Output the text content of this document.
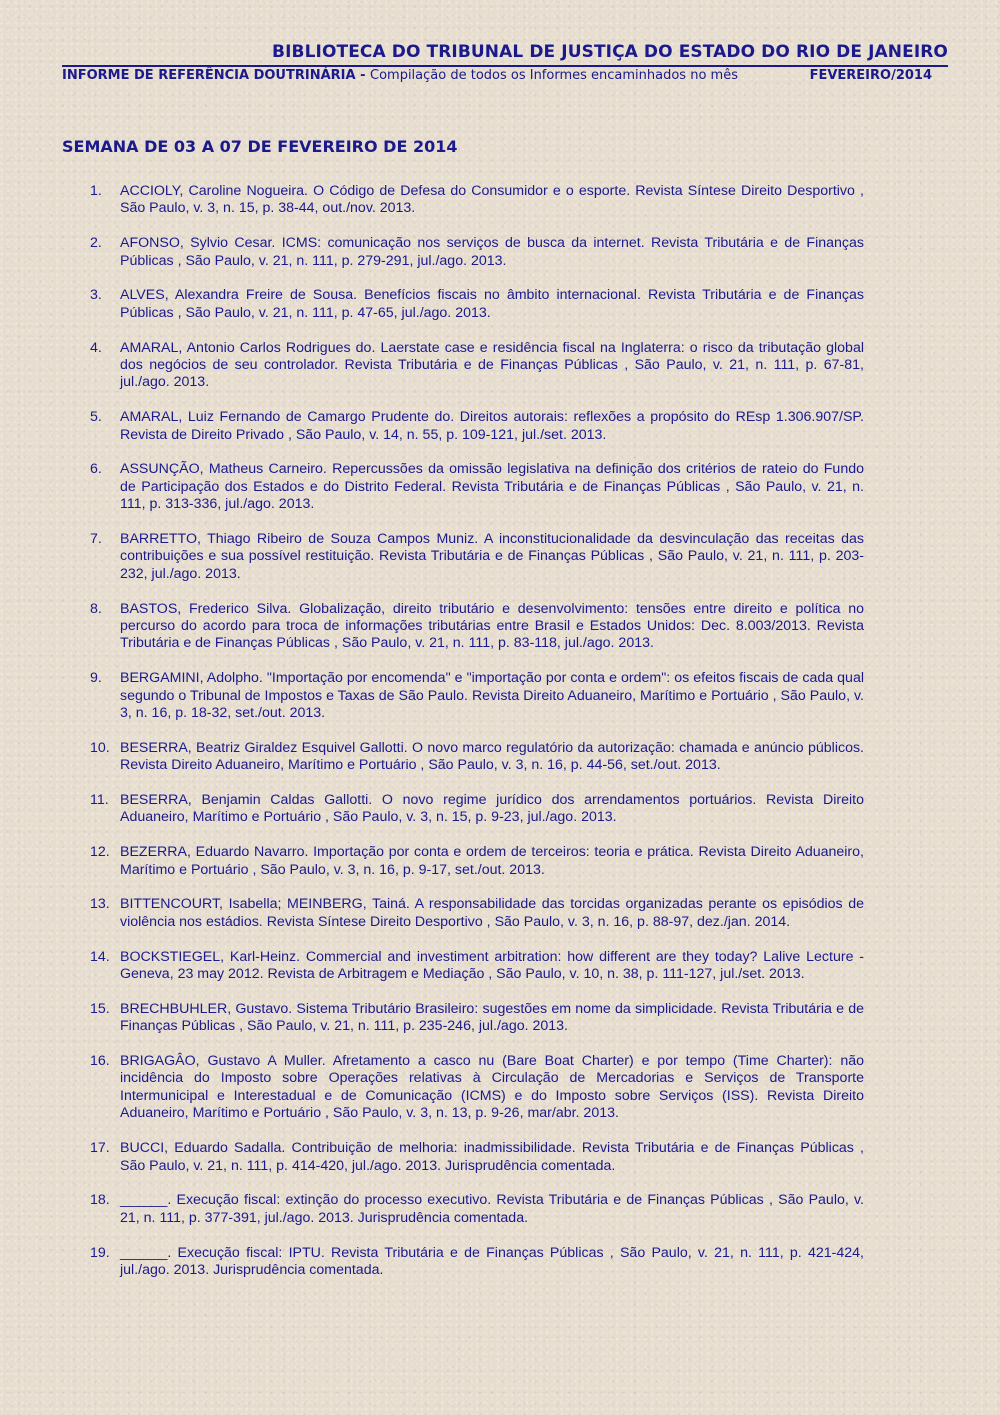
BIBLIOTECA DO TRIBUNAL DE JUSTIÇA DO ESTADO DO RIO DE JANEIRO
INFORME DE REFERÊNCIA DOUTRINÁRIA - Compilação de todos os Informes encaminhados no mês	FEVEREIRO/2014
SEMANA DE 03 A 07 DE FEVEREIRO DE 2014
1. ACCIOLY, Caroline Nogueira. O Código de Defesa do Consumidor e o esporte. Revista Síntese Direito Desportivo , São Paulo, v. 3, n. 15, p. 38-44, out./nov. 2013.
2. AFONSO, Sylvio Cesar. ICMS: comunicação nos serviços de busca da internet. Revista Tributária e de Finanças Públicas , São Paulo, v. 21, n. 111, p. 279-291, jul./ago. 2013.
3. ALVES, Alexandra Freire de Sousa. Benefícios fiscais no âmbito internacional. Revista Tributária e de Finanças Públicas , São Paulo, v. 21, n. 111, p. 47-65, jul./ago. 2013.
4. AMARAL, Antonio Carlos Rodrigues do. Laerstate case e residência fiscal na Inglaterra: o risco da tributação global dos negócios de seu controlador. Revista Tributária e de Finanças Públicas , São Paulo, v. 21, n. 111, p. 67-81, jul./ago. 2013.
5. AMARAL, Luiz Fernando de Camargo Prudente do. Direitos autorais: reflexões a propósito do REsp 1.306.907/SP. Revista de Direito Privado , São Paulo, v. 14, n. 55, p. 109-121, jul./set. 2013.
6. ASSUNÇÃO, Matheus Carneiro. Repercussões da omissão legislativa na definição dos critérios de rateio do Fundo de Participação dos Estados e do Distrito Federal. Revista Tributária e de Finanças Públicas , São Paulo, v. 21, n. 111, p. 313-336, jul./ago. 2013.
7. BARRETTO, Thiago Ribeiro de Souza Campos Muniz. A inconstitucionalidade da desvinculação das receitas das contribuições e sua possível restituição. Revista Tributária e de Finanças Públicas , São Paulo, v. 21, n. 111, p. 203-232, jul./ago. 2013.
8. BASTOS, Frederico Silva. Globalização, direito tributário e desenvolvimento: tensões entre direito e política no percurso do acordo para troca de informações tributárias entre Brasil e Estados Unidos: Dec. 8.003/2013. Revista Tributária e de Finanças Públicas , São Paulo, v. 21, n. 111, p. 83-118, jul./ago. 2013.
9. BERGAMINI, Adolpho. "Importação por encomenda" e "importação por conta e ordem": os efeitos fiscais de cada qual segundo o Tribunal de Impostos e Taxas de São Paulo. Revista Direito Aduaneiro, Marítimo e Portuário , São Paulo, v. 3, n. 16, p. 18-32, set./out. 2013.
10. BESERRA, Beatriz Giraldez Esquivel Gallotti. O novo marco regulatório da autorização: chamada e anúncio públicos. Revista Direito Aduaneiro, Marítimo e Portuário , São Paulo, v. 3, n. 16, p. 44-56, set./out. 2013.
11. BESERRA, Benjamin Caldas Gallotti. O novo regime jurídico dos arrendamentos portuários. Revista Direito Aduaneiro, Marítimo e Portuário , São Paulo, v. 3, n. 15, p. 9-23, jul./ago. 2013.
12. BEZERRA, Eduardo Navarro. Importação por conta e ordem de terceiros: teoria e prática. Revista Direito Aduaneiro, Marítimo e Portuário , São Paulo, v. 3, n. 16, p. 9-17, set./out. 2013.
13. BITTENCOURT, Isabella; MEINBERG, Tainá. A responsabilidade das torcidas organizadas perante os episódios de violência nos estádios. Revista Síntese Direito Desportivo , São Paulo, v. 3, n. 16, p. 88-97, dez./jan. 2014.
14. BOCKSTIEGEL, Karl-Heinz. Commercial and investiment arbitration: how different are they today? Lalive Lecture - Geneva, 23 may 2012. Revista de Arbitragem e Mediação , São Paulo, v. 10, n. 38, p. 111-127, jul./set. 2013.
15. BRECHBUHLER, Gustavo. Sistema Tributário Brasileiro: sugestões em nome da simplicidade. Revista Tributária e de Finanças Públicas , São Paulo, v. 21, n. 111, p. 235-246, jul./ago. 2013.
16. BRIGAGÂO, Gustavo A Muller. Afretamento a casco nu (Bare Boat Charter) e por tempo (Time Charter): não incidência do Imposto sobre Operações relativas à Circulação de Mercadorias e Serviços de Transporte Intermunicipal e Interestadual e de Comunicação (ICMS) e do Imposto sobre Serviços (ISS). Revista Direito Aduaneiro, Marítimo e Portuário , São Paulo, v. 3, n. 13, p. 9-26, mar/abr. 2013.
17. BUCCI, Eduardo Sadalla. Contribuição de melhoria: inadmissibilidade. Revista Tributária e de Finanças Públicas , São Paulo, v. 21, n. 111, p. 414-420, jul./ago. 2013. Jurisprudência comentada.
18. ______. Execução fiscal: extinção do processo executivo. Revista Tributária e de Finanças Públicas , São Paulo, v. 21, n. 111, p. 377-391, jul./ago. 2013. Jurisprudência comentada.
19. ______. Execução fiscal: IPTU. Revista Tributária e de Finanças Públicas , São Paulo, v. 21, n. 111, p. 421-424, jul./ago. 2013. Jurisprudência comentada.
